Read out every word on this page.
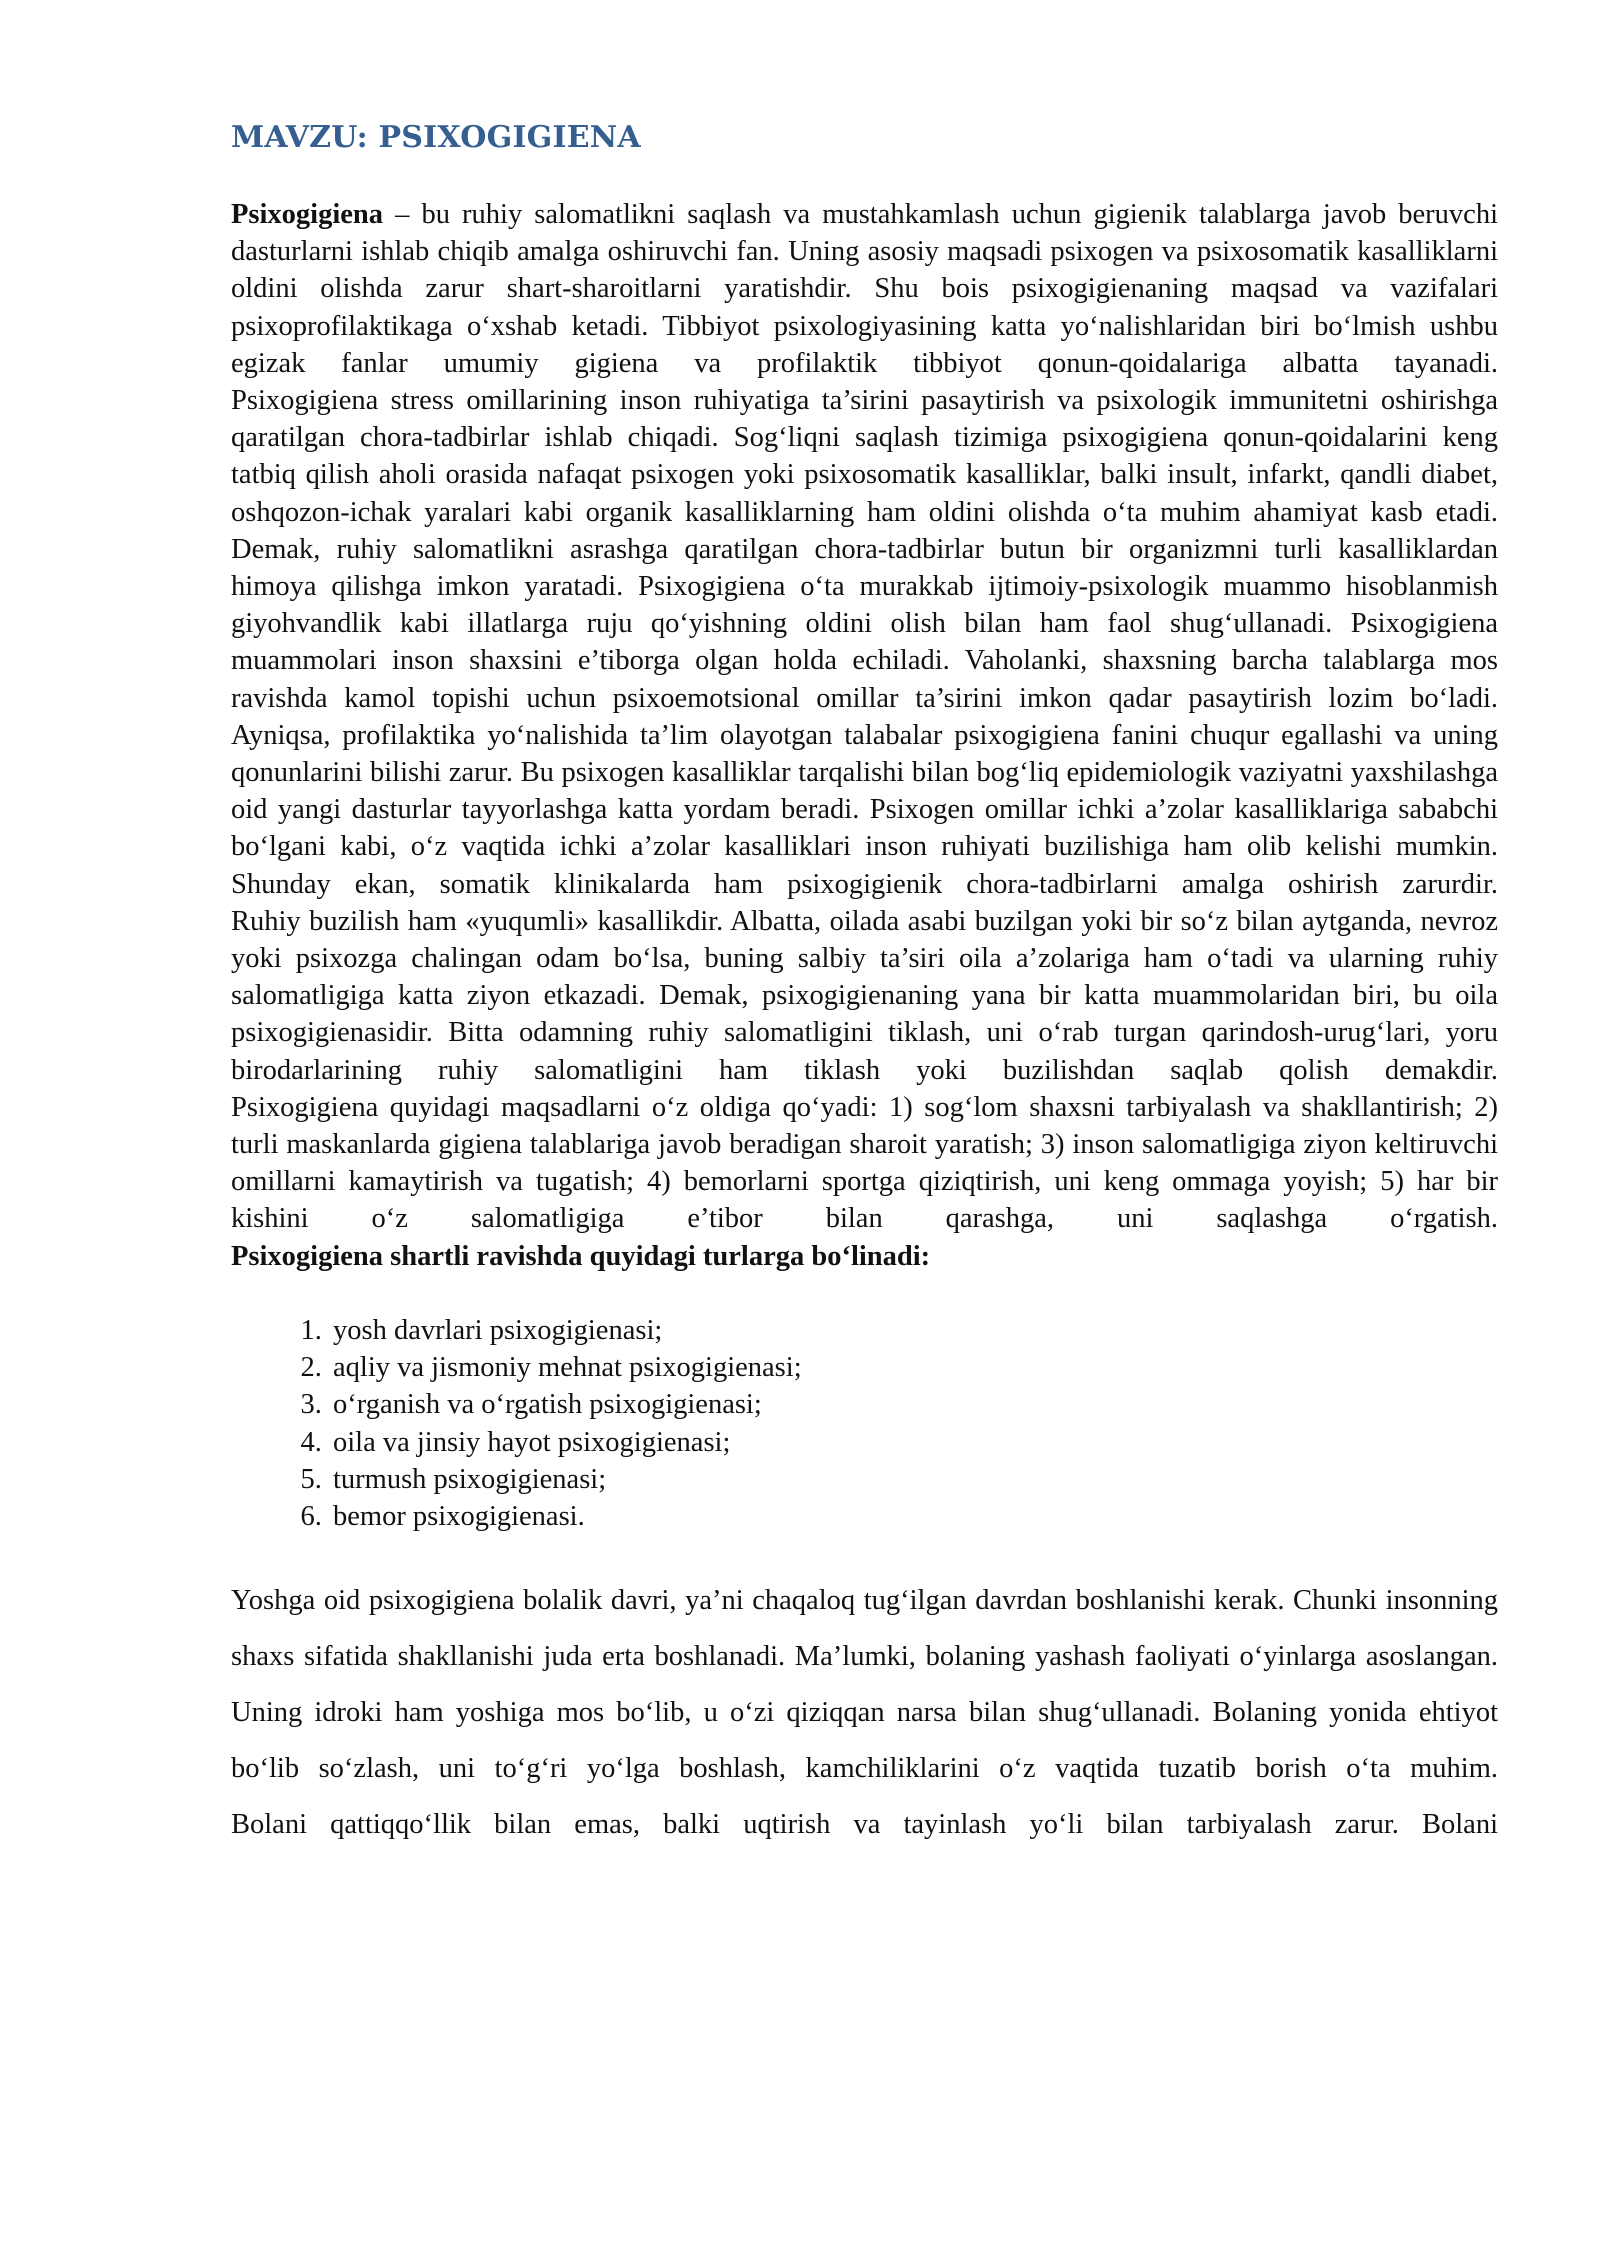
MAVZU: PSIXOGIGIENA

Psixogigiena – bu ruhiy salomatlikni saqlash va mustahkamlash uchun gigienik talablarga javob beruvchi dasturlarni ishlab chiqib amalga oshiruvchi fan. Uning asosiy maqsadi psixogen va psixosomatik kasalliklarni oldini olishda zarur shart-sharoitlarni yaratishdir. Shu bois psixogigienaning maqsad va vazifalari psixoprofilaktikaga o‘xshab ketadi. Tibbiyot psixologiyasining katta yo‘nalishlaridan biri bo‘lmish ushbu egizak fanlar umumiy gigiena va profilaktik tibbiyot qonun-qoidalariga albatta tayanadi.

Psixogigiena stress omillarining inson ruhiyatiga ta’sirini pasaytirish va psixologik immunitetni oshirishga qaratilgan chora-tadbirlar ishlab chiqadi. Sog‘liqni saqlash tizimiga psixogigiena qonun-qoidalarini keng tatbiq qilish aholi orasida nafaqat psixogen yoki psixosomatik kasalliklar, balki insult, infarkt, qandli diabet, oshqozon-ichak yaralari kabi organik kasalliklarning ham oldini olishda o‘ta muhim ahamiyat kasb etadi. Demak, ruhiy salomatlikni asrashga qaratilgan chora-tadbirlar butun bir organizmni turli kasalliklardan himoya qilishga imkon yaratadi. Psixogigiena o‘ta murakkab ijtimoiy-psixologik muammo hisoblanmish giyohvandlik kabi illatlarga ruju qo‘yishning oldini olish bilan ham faol shug‘ullanadi. Psixogigiena muammolari inson shaxsini e’tiborga olgan holda echiladi. Vaholanki, shaxsning barcha talablarga mos ravishda kamol topishi uchun psixoemotsional omillar ta’sirini imkon qadar pasaytirish lozim bo‘ladi.

Ayniqsa, profilaktika yo‘nalishida ta’lim olayotgan talabalar psixogigiena fanini chuqur egallashi va uning qonunlarini bilishi zarur. Bu psixogen kasalliklar tarqalishi bilan bog‘liq epidemiologik vaziyatni yaxshilashga oid yangi dasturlar tayyorlashga katta yordam beradi. Psixogen omillar ichki a’zolar kasalliklariga sababchi bo‘lgani kabi, o‘z vaqtida ichki a’zolar kasalliklari inson ruhiyati buzilishiga ham olib kelishi mumkin. Shunday ekan, somatik klinikalarda ham psixogigienik chora-tadbirlarni amalga oshirish zarurdir.

Ruhiy buzilish ham «yuqumli» kasallikdir. Albatta, oilada asabi buzilgan yoki bir so‘z bilan aytganda, nevroz yoki psixozga chalingan odam bo‘lsa, buning salbiy ta’siri oila a’zolariga ham o‘tadi va ularning ruhiy salomatligiga katta ziyon etkazadi. Demak, psixogigienaning yana bir katta muammolaridan biri, bu oila psixogigienasidir. Bitta odamning ruhiy salomatligini tiklash, uni o‘rab turgan qarindosh-urug‘lari, yoru birodarlarining ruhiy salomatligini ham tiklash yoki buzilishdan saqlab qolish demakdir.

Psixogigiena quyidagi maqsadlarni o‘z oldiga qo‘yadi: 1) sog‘lom shaxsni tarbiyalash va shakllantirish; 2) turli maskanlarda gigiena talablariga javob beradigan sharoit yaratish; 3) inson salomatligiga ziyon keltiruvchi omillarni kamaytirish va tugatish; 4) bemorlarni sportga qiziqtirish, uni keng ommaga yoyish; 5) har bir kishini o‘z salomatligiga e’tibor bilan qarashga, uni saqlashga o‘rgatish.

Psixogigiena shartli ravishda quyidagi turlarga bo‘linadi:

1. yosh davrlari psixogigienasi;
2. aqliy va jismoniy mehnat psixogigienasi;
3. o‘rganish va o‘rgatish psixogigienasi;
4. oila va jinsiy hayot psixogigienasi;
5. turmush psixogigienasi;
6. bemor psixogigienasi.

Yoshga oid psixogigiena bolalik davri, ya’ni chaqaloq tug‘ilgan davrdan boshlanishi kerak. Chunki insonning shaxs sifatida shakllanishi juda erta boshlanadi. Ma’lumki, bolaning yashash faoliyati o‘yinlarga asoslangan. Uning idroki ham yoshiga mos bo‘lib, u o‘zi qiziqqan narsa bilan shug‘ullanadi. Bolaning yonida ehtiyot bo‘lib so‘zlash, uni to‘g‘ri yo‘lga boshlash, kamchiliklarini o‘z vaqtida tuzatib borish o‘ta muhim.

Bolani qattiqqo‘llik bilan emas, balki uqtirish va tayinlash yo‘li bilan tarbiyalash zarur. Bolani
